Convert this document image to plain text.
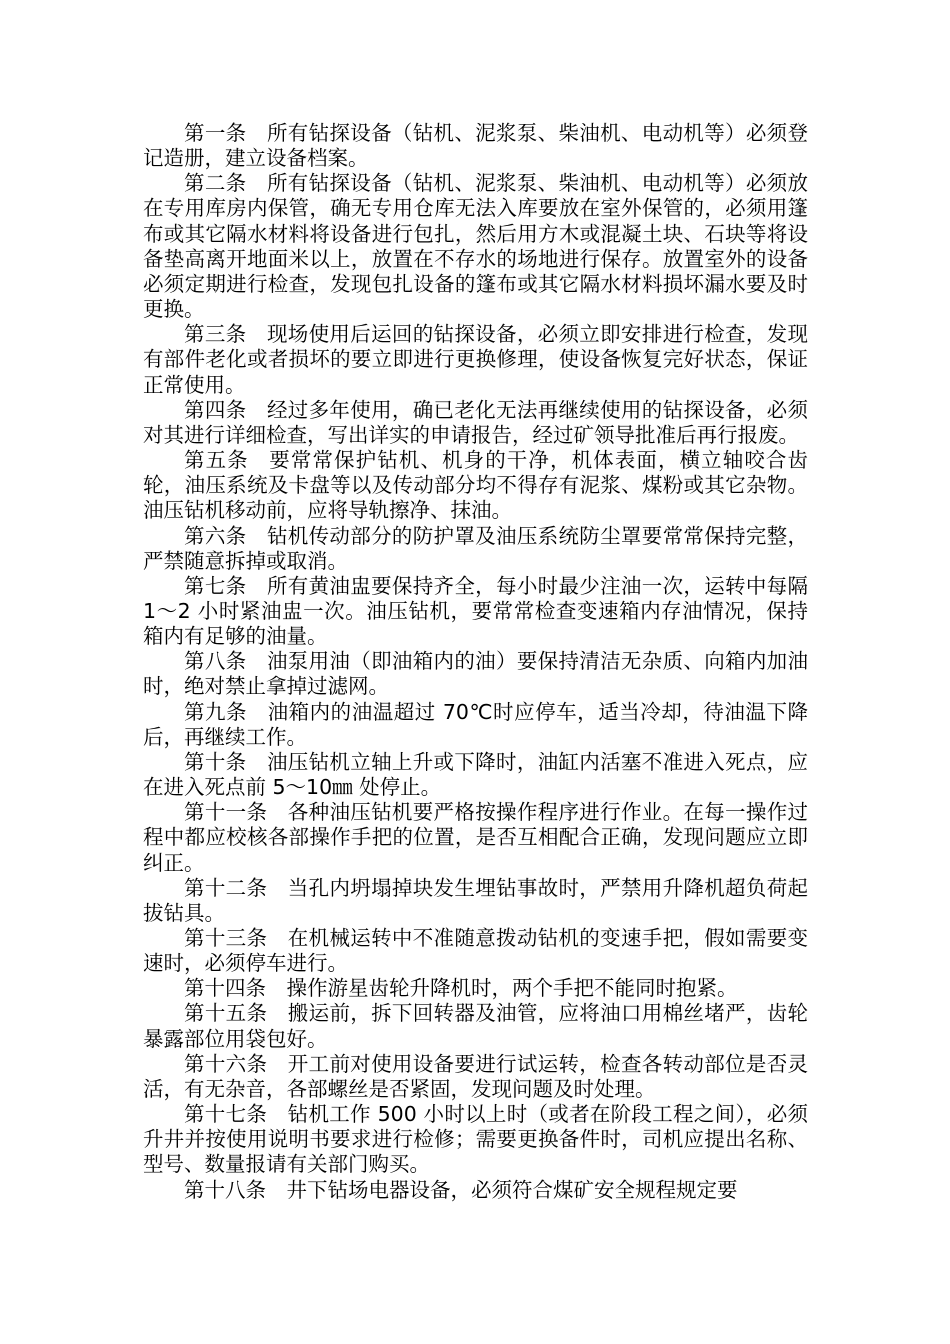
第一条 所有钻探设备（钻机、泥浆泵、柴油机、电动机等）必须登记造册，建立设备档案。

第二条 所有钻探设备（钻机、泥浆泵、柴油机、电动机等）必须放在专用库房内保管，确无专用仓库无法入库要放在室外保管的，必须用篷布或其它隔水材料将设备进行包扎，然后用方木或混凝土块、石块等将设备垫高离开地面米以上，放置在不存水的场地进行保存。放置室外的设备必须定期进行检查，发现包扎设备的篷布或其它隔水材料损坏漏水要及时更换。

第三条 现场使用后运回的钻探设备，必须立即安排进行检查，发现有部件老化或者损坏的要立即进行更换修理，使设备恢复完好状态，保证正常使用。

第四条 经过多年使用，确已老化无法再继续使用的钻探设备，必须对其进行详细检查，写出详实的申请报告，经过矿领导批准后再行报废。

第五条 要常常保护钻机、机身的干净，机体表面，横立轴咬合齿轮，油压系统及卡盘等以及传动部分均不得存有泥浆、煤粉或其它杂物。油压钻机移动前，应将导轨擦净、抹油。

第六条 钻机传动部分的防护罩及油压系统防尘罩要常常保持完整，严禁随意拆掉或取消。

第七条 所有黄油盅要保持齐全，每小时最少注油一次，运转中每隔 1～2 小时紧油盅一次。油压钻机，要常常检查变速箱内存油情况，保持箱内有足够的油量。

第八条 油泵用油（即油箱内的油）要保持清洁无杂质、向箱内加油时，绝对禁止拿掉过滤网。

第九条 油箱内的油温超过 70℃时应停车，适当冷却，待油温下降后，再继续工作。

第十条 油压钻机立轴上升或下降时，油缸内活塞不准进入死点，应在进入死点前 5～10㎜ 处停止。

第十一条 各种油压钻机要严格按操作程序进行作业。在每一操作过程中都应校核各部操作手把的位置，是否互相配合正确，发现问题应立即纠正。

第十二条 当孔内坍塌掉块发生埋钻事故时，严禁用升降机超负荷起拔钻具。

第十三条 在机械运转中不准随意拨动钻机的变速手把，假如需要变速时，必须停车进行。

第十四条 操作游星齿轮升降机时，两个手把不能同时抱紧。

第十五条 搬运前，拆下回转器及油管，应将油口用棉丝堵严，齿轮暴露部位用袋包好。

第十六条 开工前对使用设备要进行试运转，检查各转动部位是否灵活，有无杂音，各部螺丝是否紧固，发现问题及时处理。

第十七条 钻机工作 500 小时以上时（或者在阶段工程之间），必须升井并按使用说明书要求进行检修；需要更换备件时，司机应提出名称、型号、数量报请有关部门购买。

第十八条 井下钻场电器设备，必须符合煤矿安全规程规定要
